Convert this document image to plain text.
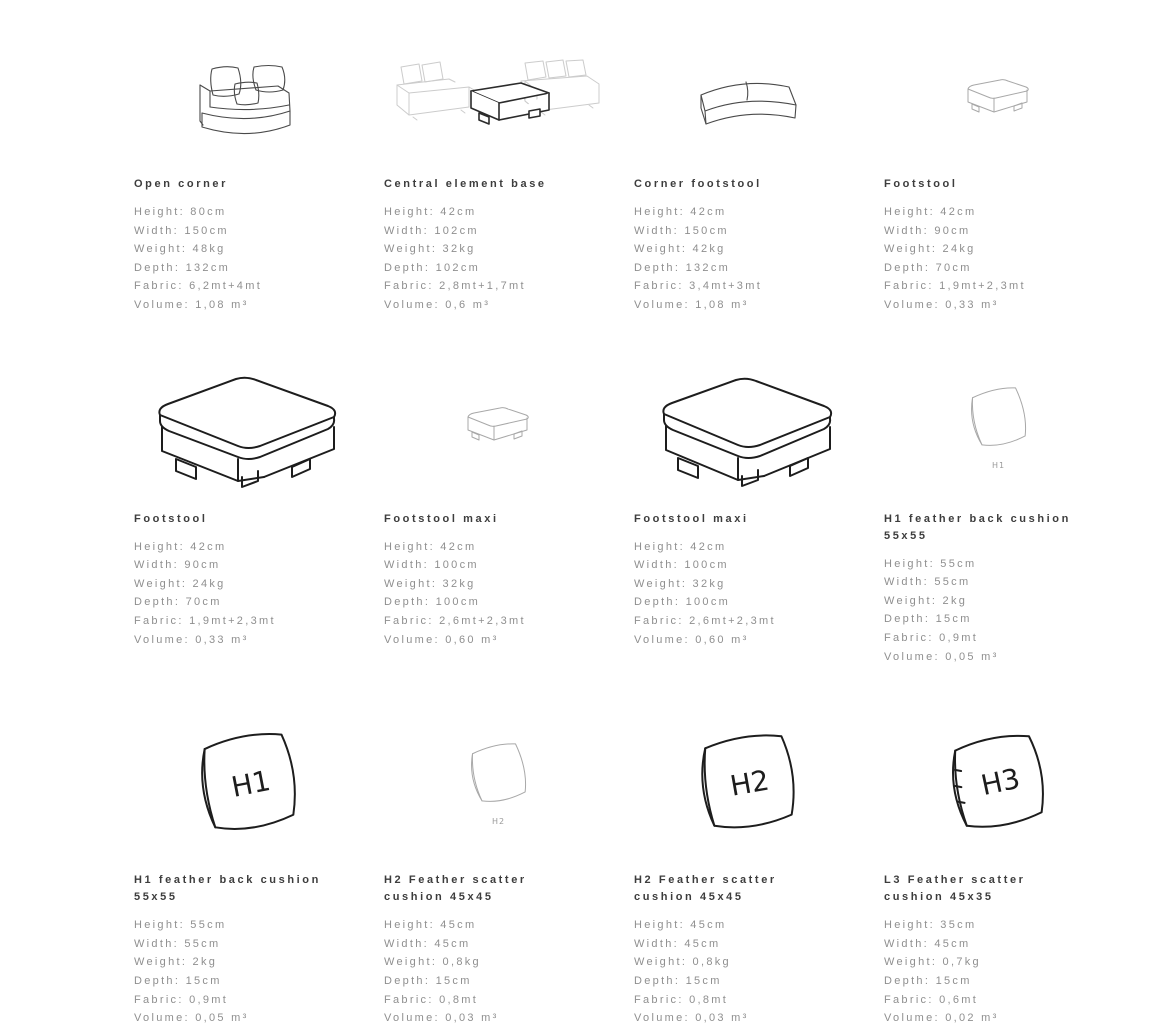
Open corner
Height: 80cm
Width: 150cm
Weight: 48kg
Depth: 132cm
Fabric: 6,2mt+4mt
Volume: 1,08 m³
Central element base
Height: 42cm
Width: 102cm
Weight: 32kg
Depth: 102cm
Fabric: 2,8mt+1,7mt
Volume: 0,6 m³
Corner footstool
Height: 42cm
Width: 150cm
Weight: 42kg
Depth: 132cm
Fabric: 3,4mt+3mt
Volume: 1,08 m³
Footstool
Height: 42cm
Width: 90cm
Weight: 24kg
Depth: 70cm
Fabric: 1,9mt+2,3mt
Volume: 0,33 m³
Footstool
Height: 42cm
Width: 90cm
Weight: 24kg
Depth: 70cm
Fabric: 1,9mt+2,3mt
Volume: 0,33 m³
Footstool maxi
Height: 42cm
Width: 100cm
Weight: 32kg
Depth: 100cm
Fabric: 2,6mt+2,3mt
Volume: 0,60 m³
Footstool maxi
Height: 42cm
Width: 100cm
Weight: 32kg
Depth: 100cm
Fabric: 2,6mt+2,3mt
Volume: 0,60 m³
H1
H1 feather back cushion
55x55
Height: 55cm
Width: 55cm
Weight: 2kg
Depth: 15cm
Fabric: 0,9mt
Volume: 0,05 m³
H1
H1 feather back cushion
55x55
Height: 55cm
Width: 55cm
Weight: 2kg
Depth: 15cm
Fabric: 0,9mt
Volume: 0,05 m³
H2
H2 Feather scatter
cushion 45x45
Height: 45cm
Width: 45cm
Weight: 0,8kg
Depth: 15cm
Fabric: 0,8mt
Volume: 0,03 m³
H2
H2 Feather scatter
cushion 45x45
Height: 45cm
Width: 45cm
Weight: 0,8kg
Depth: 15cm
Fabric: 0,8mt
Volume: 0,03 m³
H3
L3 Feather scatter
cushion 45x35
Height: 35cm
Width: 45cm
Weight: 0,7kg
Depth: 15cm
Fabric: 0,6mt
Volume: 0,02 m³
